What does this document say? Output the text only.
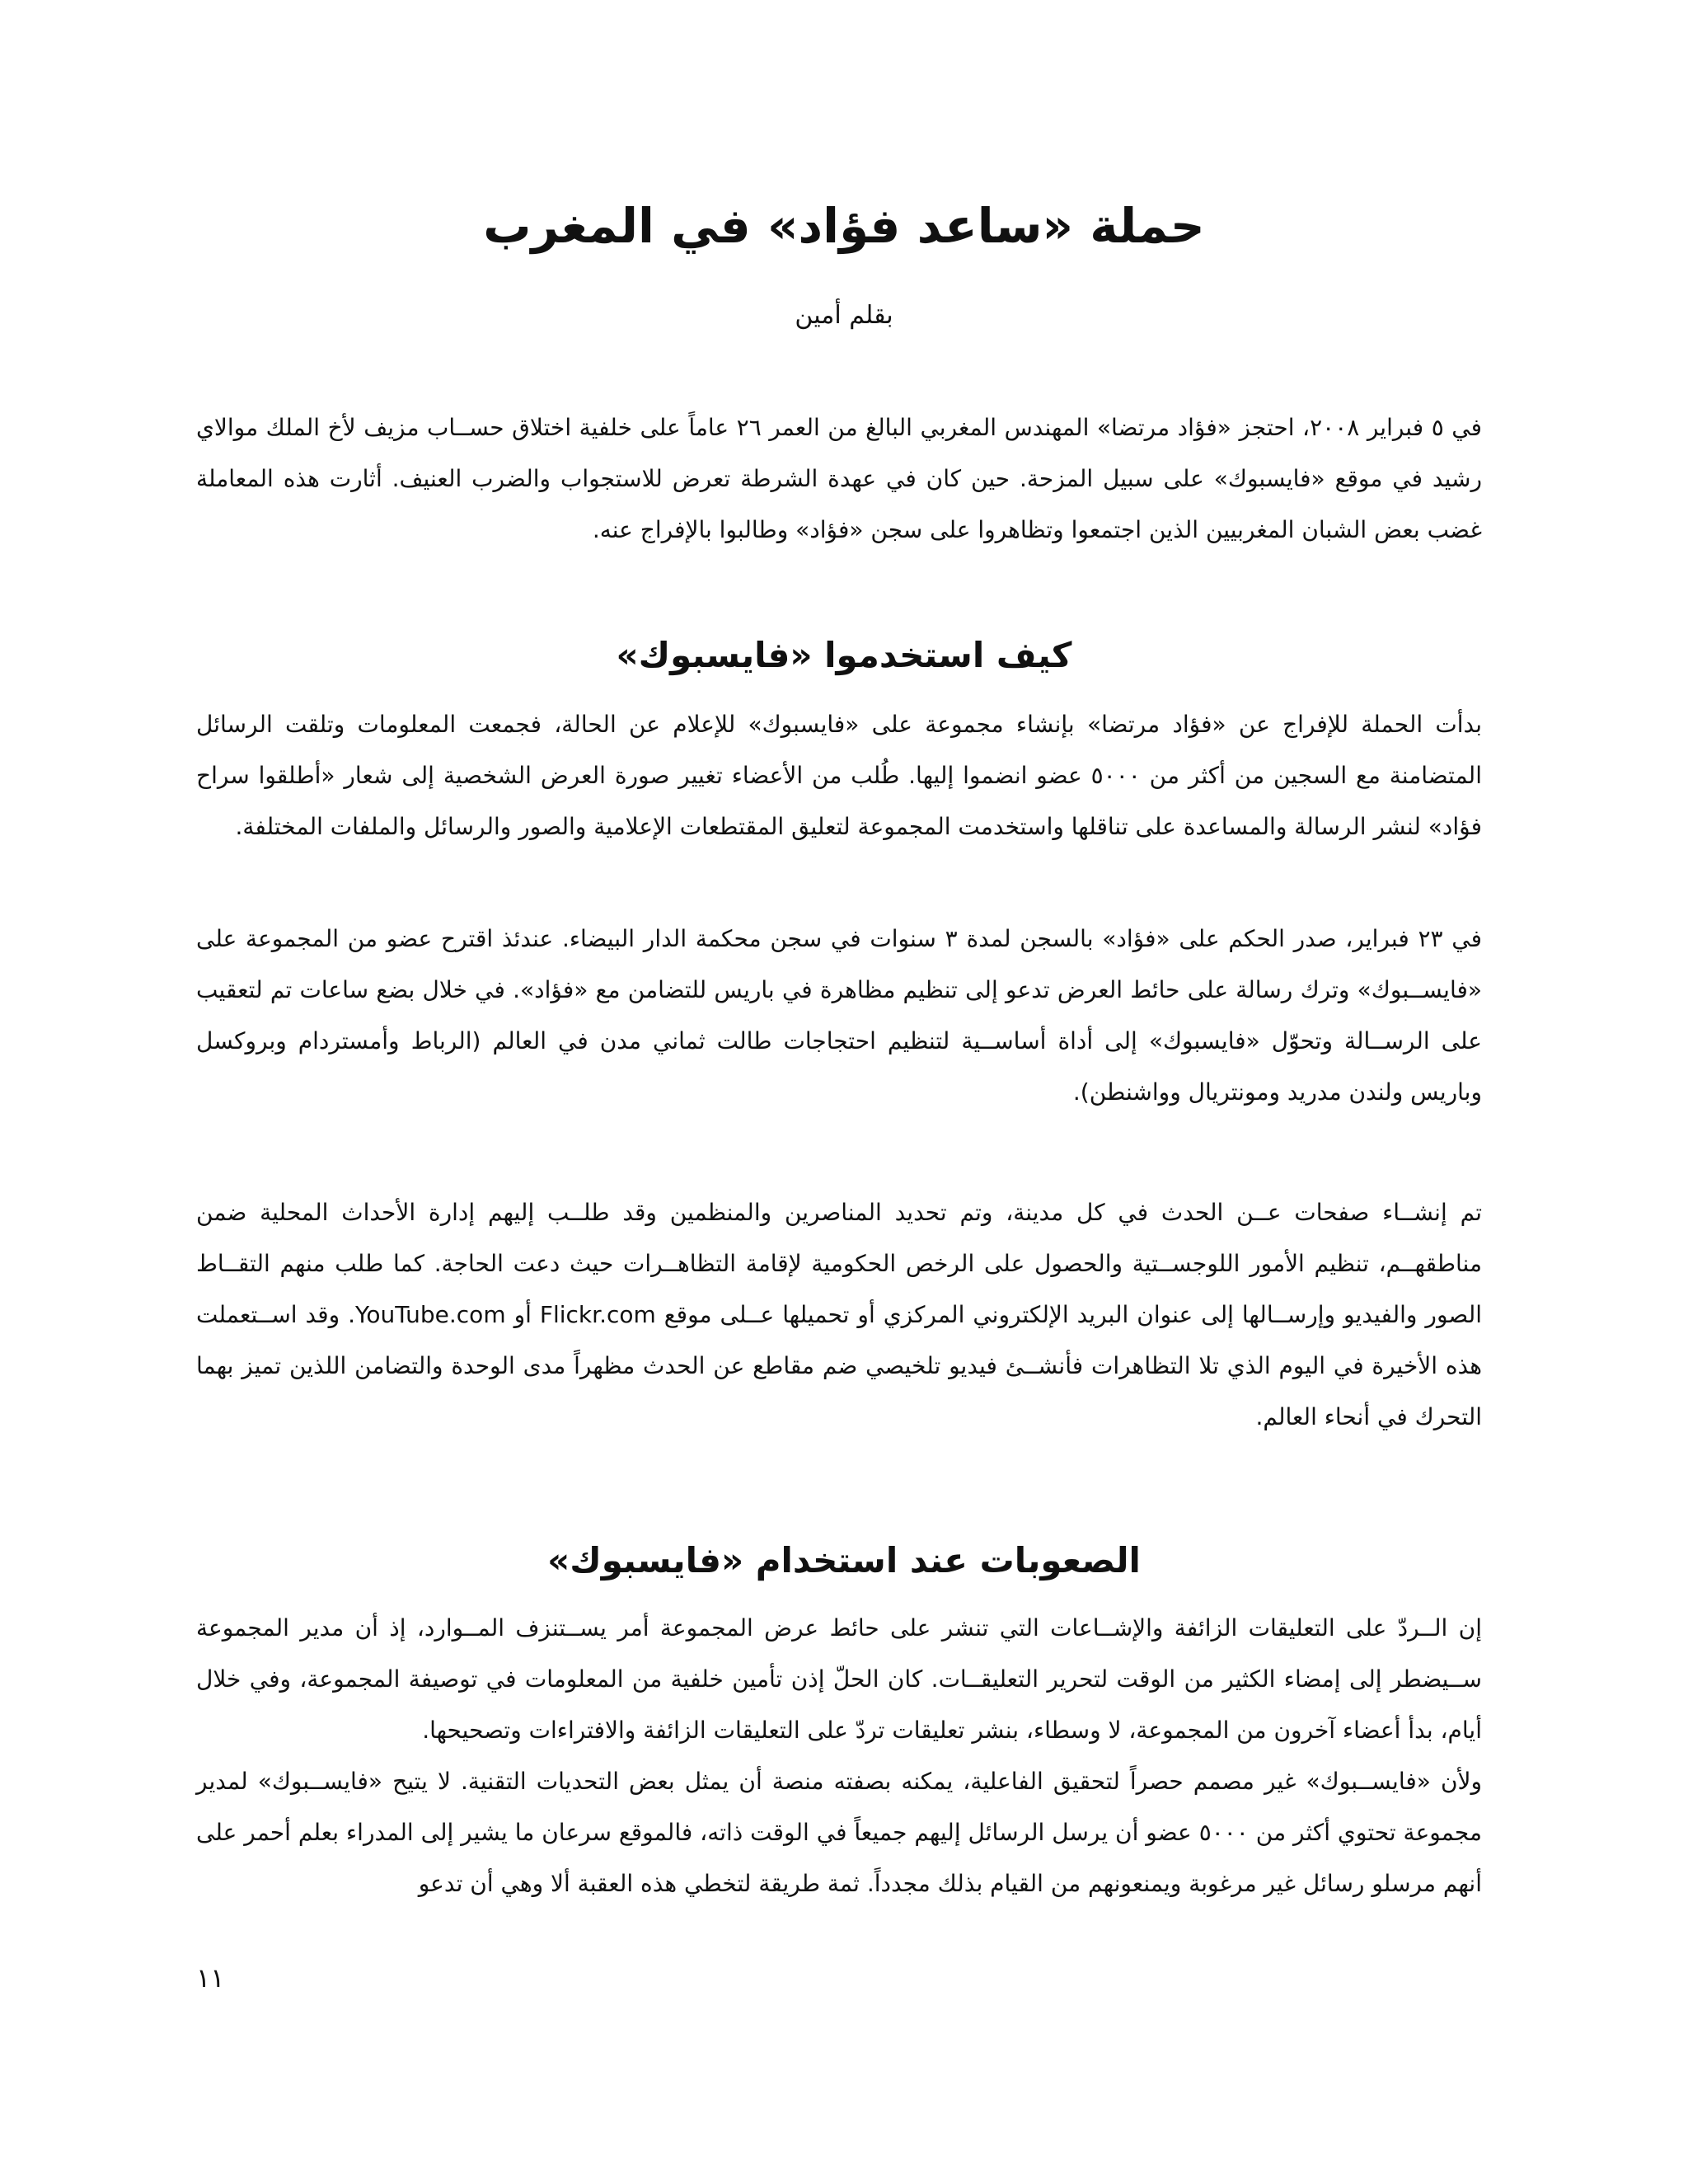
حملة «ساعد فؤاد» في المغرب

بقلم أمين

في ٥ فبراير ٢٠٠٨، احتجز «فؤاد مرتضا» المهندس المغربي البالغ من العمر ٢٦ عاماً على خلفية اختلاق حســاب مزيف لأخ الملك موالاي رشيد في موقع «فايسبوك» على سبيل المزحة. حين كان في عهدة الشرطة تعرض للاستجواب والضرب العنيف. أثارت هذه المعاملة غضب بعض الشبان المغربيين الذين اجتمعوا وتظاهروا على سجن «فؤاد» وطالبوا بالإفراج عنه.

كيف استخدموا «فايسبوك»

بدأت الحملة للإفراج عن «فؤاد مرتضا» بإنشاء مجموعة على «فايسبوك» للإعلام عن الحالة، فجمعت المعلومات وتلقت الرسائل المتضامنة مع السجين من أكثر من ٥٠٠٠ عضو انضموا إليها. طُلب من الأعضاء تغيير صورة العرض الشخصية إلى شعار «أطلقوا سراح فؤاد» لنشر الرسالة والمساعدة على تناقلها واستخدمت المجموعة لتعليق المقتطعات الإعلامية والصور والرسائل والملفات المختلفة.

في ٢٣ فبراير، صدر الحكم على «فؤاد» بالسجن لمدة ٣ سنوات في سجن محكمة الدار البيضاء. عندئذ اقترح عضو من المجموعة على «فايســبوك» وترك رسالة على حائط العرض تدعو إلى تنظيم مظاهرة في باريس للتضامن مع «فؤاد». في خلال بضع ساعات تم لتعقيب على الرســالة وتحوّل «فايسبوك» إلى أداة أساســية لتنظيم احتجاجات طالت ثماني مدن في العالم (الرباط وأمستردام وبروكسل وباريس ولندن مدريد ومونتريال وواشنطن).

تم إنشــاء صفحات عــن الحدث في كل مدينة، وتم تحديد المناصرين والمنظمين وقد طلــب إليهم إدارة الأحداث المحلية ضمن مناطقهــم، تنظيم الأمور اللوجســتية والحصول على الرخص الحكومية لإقامة التظاهــرات حيث دعت الحاجة. كما طلب منهم التقــاط الصور والفيديو وإرســالها إلى عنوان البريد الإلكتروني المركزي أو تحميلها عــلى موقع Flickr.com أو YouTube.com. وقد اســتعملت هذه الأخيرة في اليوم الذي تلا التظاهرات فأنشــئ فيديو تلخيصي ضم مقاطع عن الحدث مظهراً مدى الوحدة والتضامن اللذين تميز بهما التحرك في أنحاء العالم.

الصعوبات عند استخدام «فايسبوك»

إن الــردّ على التعليقات الزائفة والإشــاعات التي تنشر على حائط عرض المجموعة أمر يســتنزف المــوارد، إذ أن مدير المجموعة ســيضطر إلى إمضاء الكثير من الوقت لتحرير التعليقــات. كان الحلّ إذن تأمين خلفية من المعلومات في توصيفة المجموعة، وفي خلال أيام، بدأ أعضاء آخرون من المجموعة، لا وسطاء، بنشر تعليقات تردّ على التعليقات الزائفة والافتراءات وتصحيحها.

ولأن «فايســبوك» غير مصمم حصراً لتحقيق الفاعلية، يمكنه بصفته منصة أن يمثل بعض التحديات التقنية. لا يتيح «فايســبوك» لمدير مجموعة تحتوي أكثر من ٥٠٠٠ عضو أن يرسل الرسائل إليهم جميعاً في الوقت ذاته، فالموقع سرعان ما يشير إلى المدراء بعلم أحمر على أنهم مرسلو رسائل غير مرغوبة ويمنعونهم من القيام بذلك مجدداً. ثمة طريقة لتخطي هذه العقبة ألا وهي أن تدعو

١١
